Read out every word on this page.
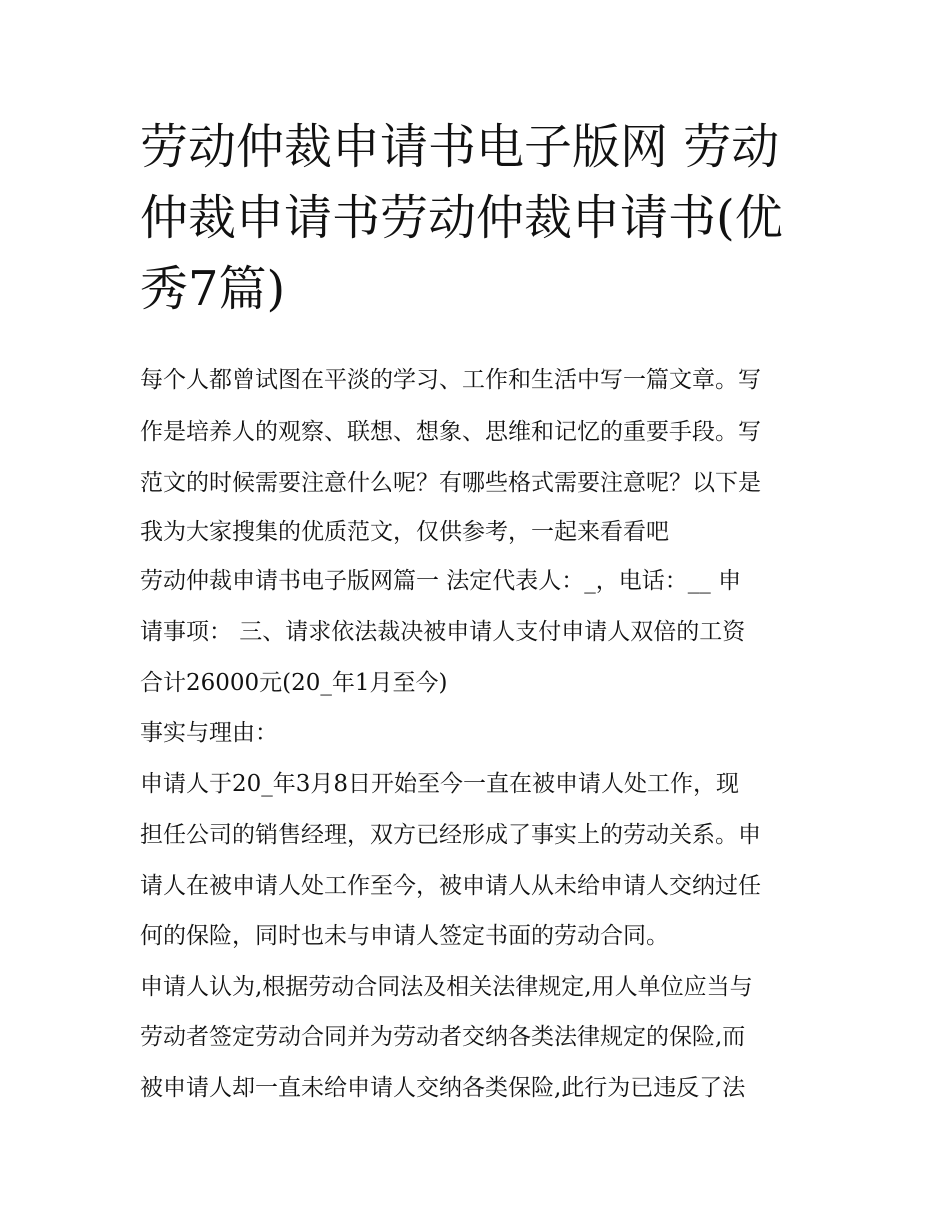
劳动仲裁申请书电子版网 劳动仲裁申请书劳动仲裁申请书(优秀7篇)
每个人都曾试图在平淡的学习、工作和生活中写一篇文章。写
作是培养人的观察、联想、想象、思维和记忆的重要手段。写
范文的时候需要注意什么呢？有哪些格式需要注意呢？以下是
我为大家搜集的优质范文，仅供参考，一起来看看吧
劳动仲裁申请书电子版网篇一 法定代表人：_，电话：__ 申
请事项： 三、请求依法裁决被申请人支付申请人双倍的工资
合计26000元(20_年1月至今)
事实与理由：
申请人于20_年3月8日开始至今一直在被申请人处工作，现
担任公司的销售经理，双方已经形成了事实上的劳动关系。申
请人在被申请人处工作至今，被申请人从未给申请人交纳过任
何的保险，同时也未与申请人签定书面的劳动合同。
申请人认为,根据劳动合同法及相关法律规定,用人单位应当与
劳动者签定劳动合同并为劳动者交纳各类法律规定的保险,而
被申请人却一直未给申请人交纳各类保险,此行为已违反了法
